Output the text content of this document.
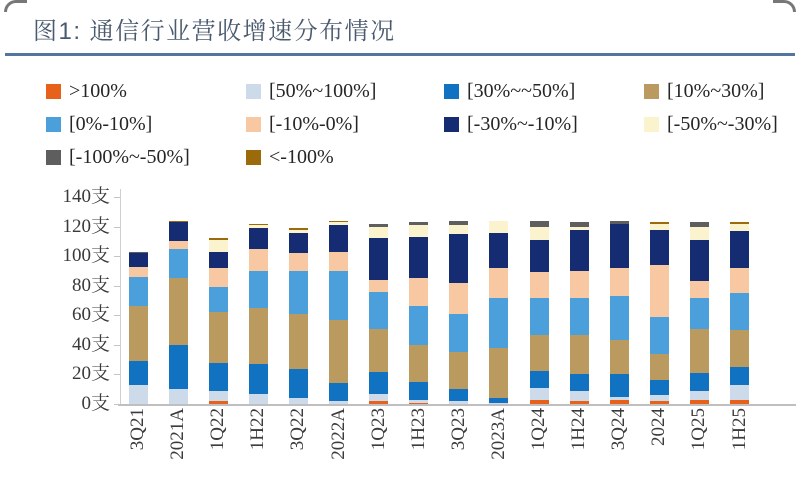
图1: 通信行业营收增速分布情况
>100%	[50%~100%]	[30%~~50%]	[10%~30%]
[0%-10%]	[-10%-0%]	[-30%~-10%]	[-50%~-30%]
[-100%~-50%]	<-100%
0支
20支
40支
60支
80支
100支
120支
140支
3Q21 2021A 1Q22 1H22 3Q22 2022A 1Q23 1H23 3Q23 2023A 1Q24 1H24 3Q24 2024 1Q25 1H25
